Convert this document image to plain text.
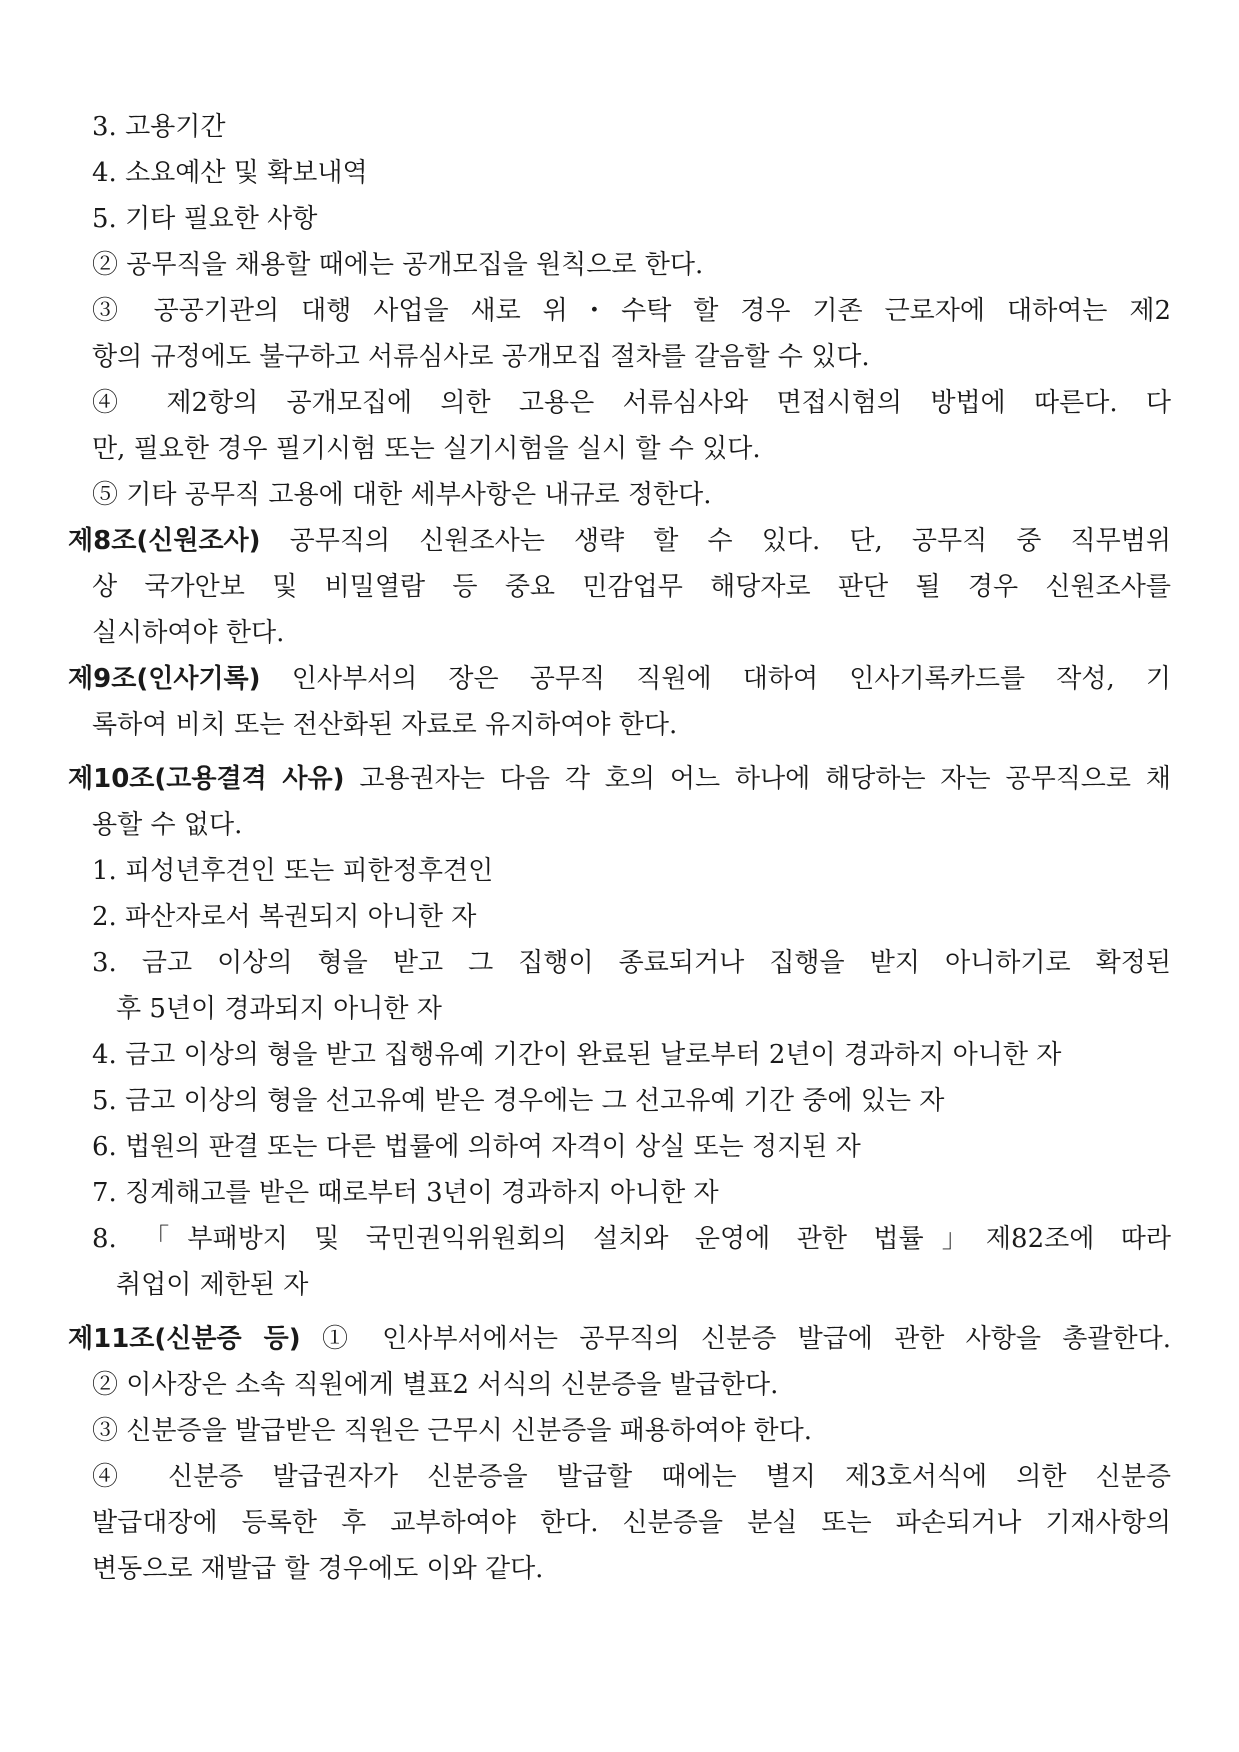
3. 고용기간
4. 소요예산 및 확보내역
5. 기타 필요한 사항
② 공무직을 채용할 때에는 공개모집을 원칙으로 한다.
③ 공공기관의 대행 사업을 새로 위・수탁 할 경우 기존 근로자에 대하여는 제2
항의 규정에도 불구하고 서류심사로 공개모집 절차를 갈음할 수 있다.
④ 제2항의 공개모집에 의한 고용은 서류심사와 면접시험의 방법에 따른다. 다
만, 필요한 경우 필기시험 또는 실기시험을 실시 할 수 있다.
⑤ 기타 공무직 고용에 대한 세부사항은 내규로 정한다.
제8조(신원조사) 공무직의 신원조사는 생략 할 수 있다. 단, 공무직 중 직무범위
상 국가안보 및 비밀열람 등 중요 민감업무 해당자로 판단 될 경우 신원조사를
실시하여야 한다.
제9조(인사기록) 인사부서의 장은 공무직 직원에 대하여 인사기록카드를 작성, 기
록하여 비치 또는 전산화된 자료로 유지하여야 한다.
제10조(고용결격 사유) 고용권자는 다음 각 호의 어느 하나에 해당하는 자는 공무직으로 채
용할 수 없다.
1. 피성년후견인 또는 피한정후견인
2. 파산자로서 복권되지 아니한 자
3. 금고 이상의 형을 받고 그 집행이 종료되거나 집행을 받지 아니하기로 확정된
후 5년이 경과되지 아니한 자
4. 금고 이상의 형을 받고 집행유예 기간이 완료된 날로부터 2년이 경과하지 아니한 자
5. 금고 이상의 형을 선고유예 받은 경우에는 그 선고유예 기간 중에 있는 자
6. 법원의 판결 또는 다른 법률에 의하여 자격이 상실 또는 정지된 자
7. 징계해고를 받은 때로부터 3년이 경과하지 아니한 자
8. 「부패방지 및 국민권익위원회의 설치와 운영에 관한 법률」제82조에 따라
취업이 제한된 자
제11조(신분증 등) ① 인사부서에서는 공무직의 신분증 발급에 관한 사항을 총괄한다.
② 이사장은 소속 직원에게 별표2 서식의 신분증을 발급한다.
③ 신분증을 발급받은 직원은 근무시 신분증을 패용하여야 한다.
④ 신분증 발급권자가 신분증을 발급할 때에는 별지 제3호서식에 의한 신분증
발급대장에 등록한 후 교부하여야 한다. 신분증을 분실 또는 파손되거나 기재사항의
변동으로 재발급 할 경우에도 이와 같다.
